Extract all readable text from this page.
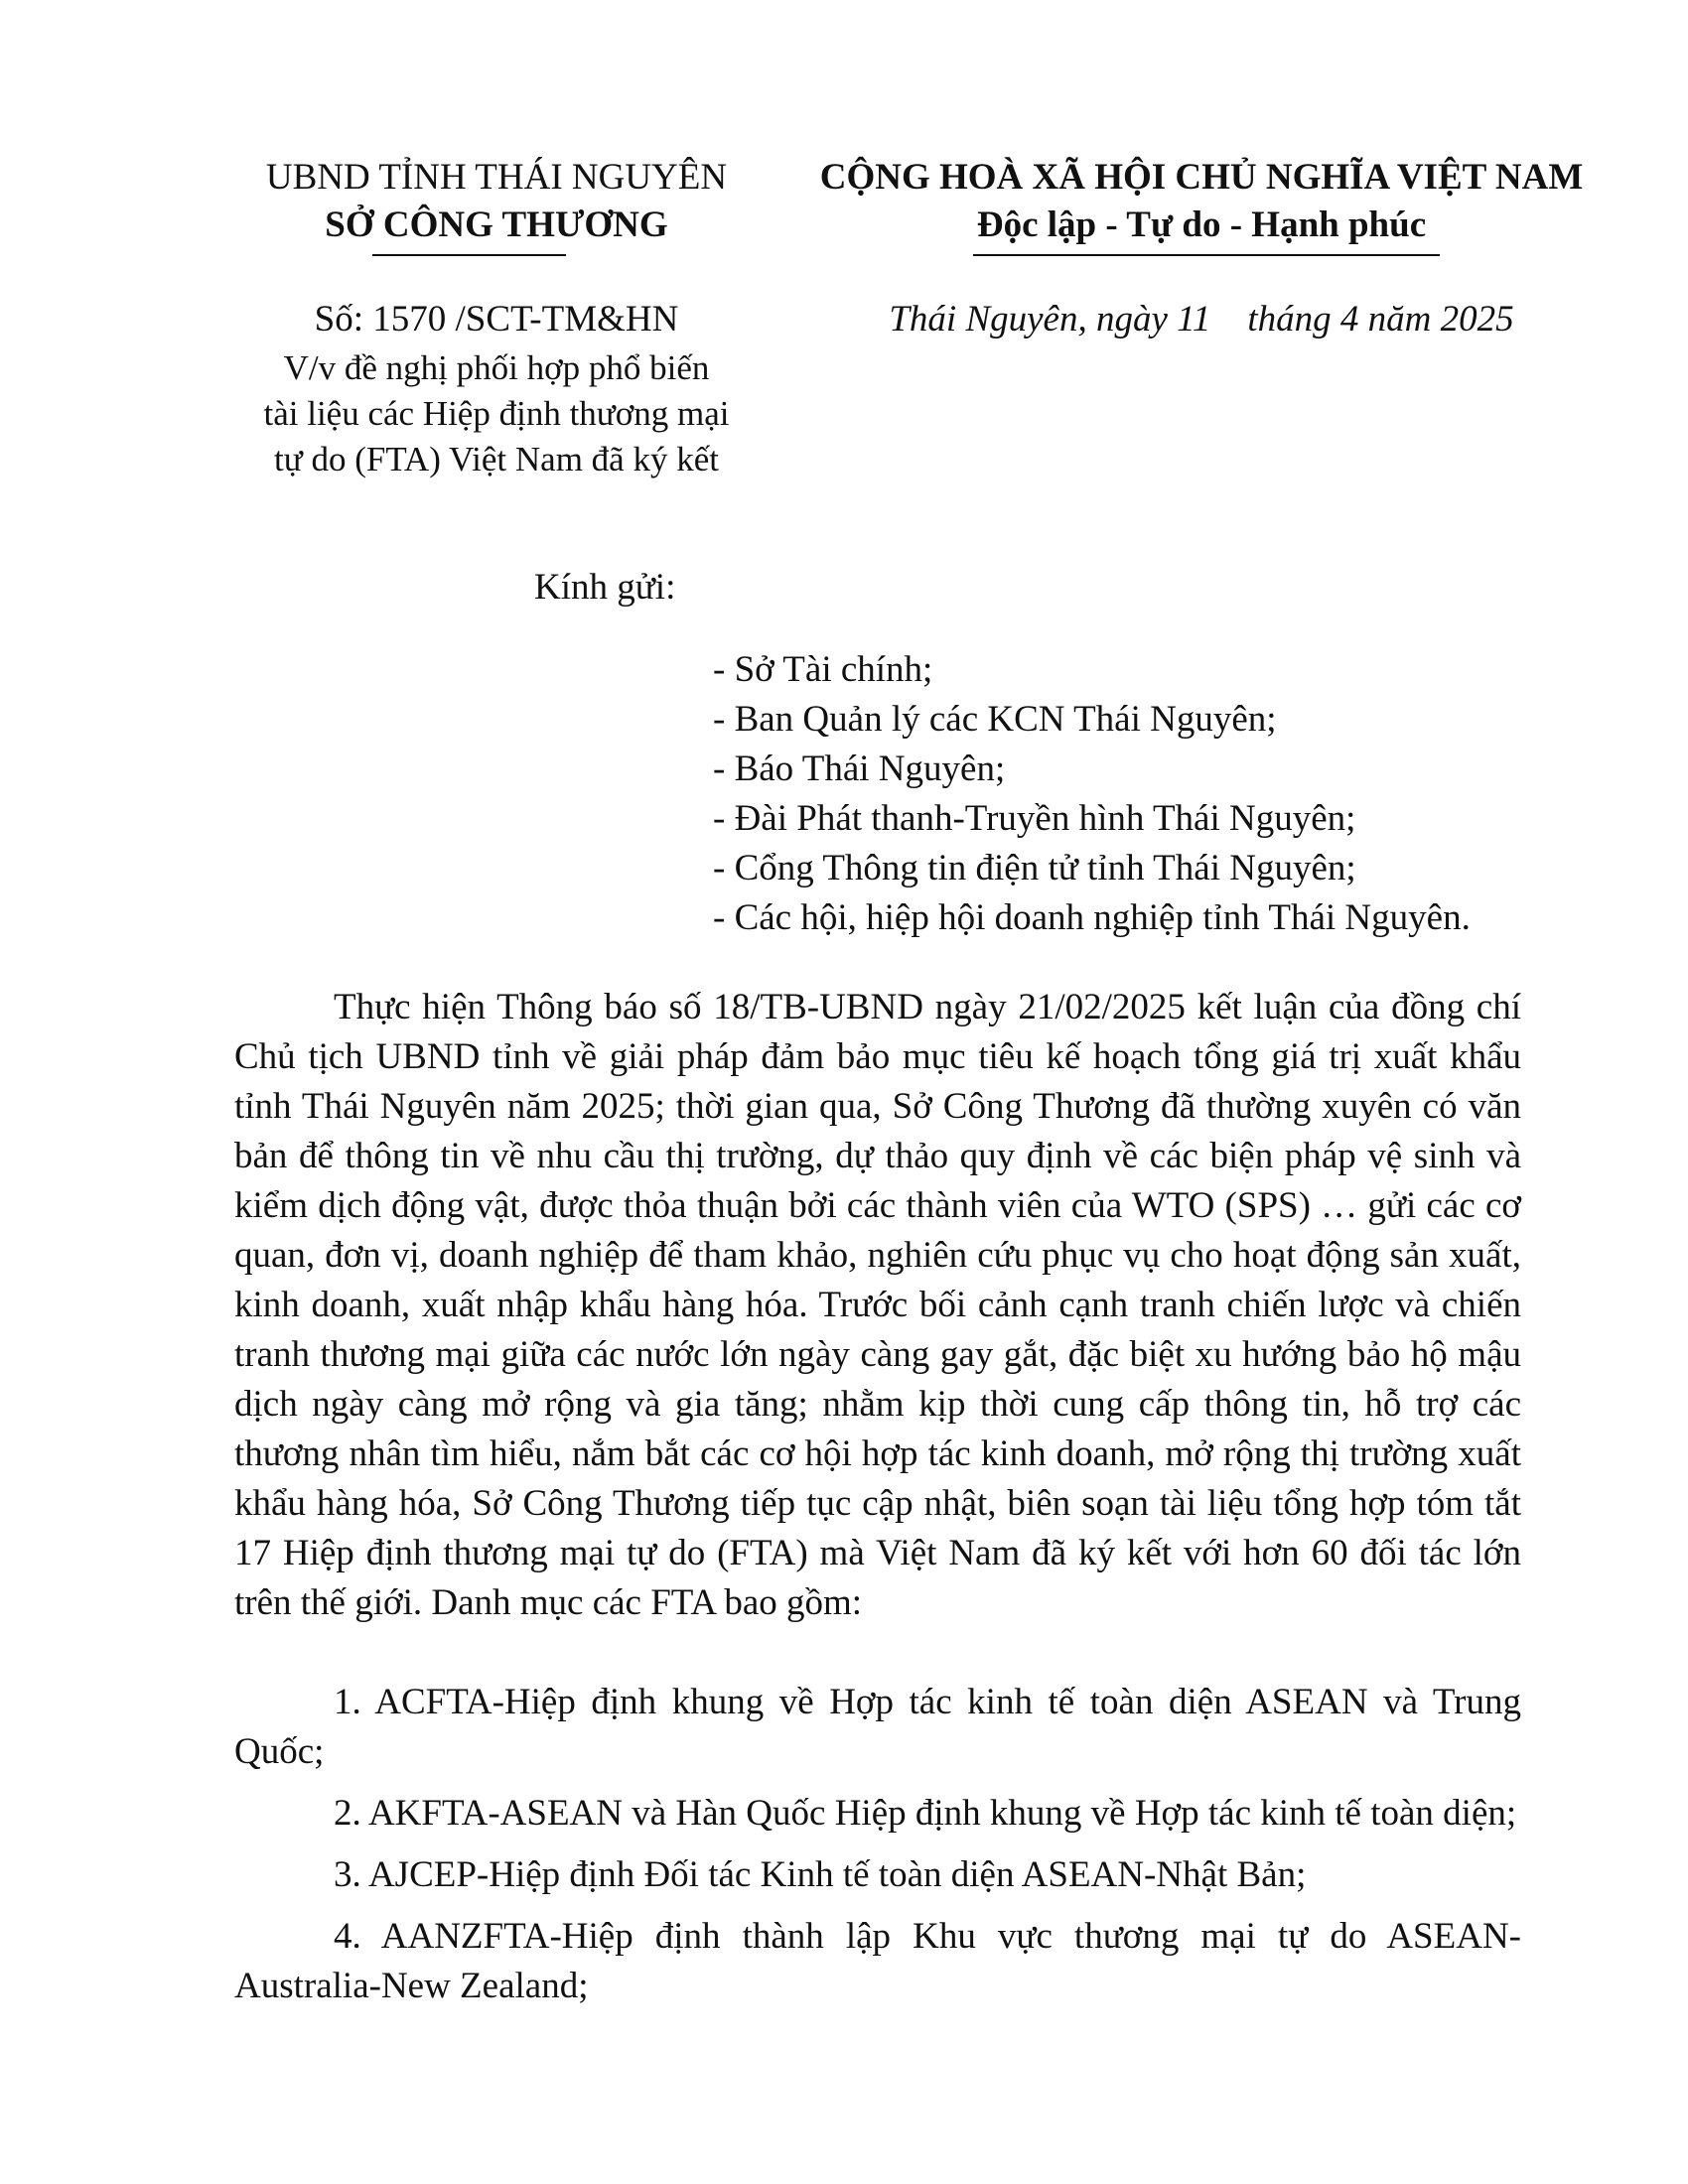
UBND TỈNH THÁI NGUYÊN
SỞ CÔNG THƯƠNG
CỘNG HOÀ XÃ HỘI CHỦ NGHĨA VIỆT NAM
Độc lập - Tự do - Hạnh phúc
Số: 1570 /SCT-TM&HN
V/v đề nghị phối hợp phổ biến
tài liệu các Hiệp định thương mại
tự do (FTA) Việt Nam đã ký kết
Thái Nguyên, ngày 11    tháng 4 năm 2025
Kính gửi:
- Sở Tài chính;
- Ban Quản lý các KCN Thái Nguyên;
- Báo Thái Nguyên;
- Đài Phát thanh-Truyền hình Thái Nguyên;
- Cổng Thông tin điện tử tỉnh Thái Nguyên;
- Các hội, hiệp hội doanh nghiệp tỉnh Thái Nguyên.

Thực hiện Thông báo số 18/TB-UBND ngày 21/02/2025 kết luận của đồng chí Chủ tịch UBND tỉnh về giải pháp đảm bảo mục tiêu kế hoạch tổng giá trị xuất khẩu tỉnh Thái Nguyên năm 2025; thời gian qua, Sở Công Thương đã thường xuyên có văn bản để thông tin về nhu cầu thị trường, dự thảo quy định về các biện pháp vệ sinh và kiểm dịch động vật, được thỏa thuận bởi các thành viên của WTO (SPS) … gửi các cơ quan, đơn vị, doanh nghiệp để tham khảo, nghiên cứu phục vụ cho hoạt động sản xuất, kinh doanh, xuất nhập khẩu hàng hóa. Trước bối cảnh cạnh tranh chiến lược và chiến tranh thương mại giữa các nước lớn ngày càng gay gắt, đặc biệt xu hướng bảo hộ mậu dịch ngày càng mở rộng và gia tăng; nhằm kịp thời cung cấp thông tin, hỗ trợ các thương nhân tìm hiểu, nắm bắt các cơ hội hợp tác kinh doanh, mở rộng thị trường xuất khẩu hàng hóa, Sở Công Thương tiếp tục cập nhật, biên soạn tài liệu tổng hợp tóm tắt 17 Hiệp định thương mại tự do (FTA) mà Việt Nam đã ký kết với hơn 60 đối tác lớn trên thế giới. Danh mục các FTA bao gồm:

1. ACFTA-Hiệp định khung về Hợp tác kinh tế toàn diện ASEAN và Trung Quốc;
2. AKFTA-ASEAN và Hàn Quốc Hiệp định khung về Hợp tác kinh tế toàn diện;
3. AJCEP-Hiệp định Đối tác Kinh tế toàn diện ASEAN-Nhật Bản;
4. AANZFTA-Hiệp định thành lập Khu vực thương mại tự do ASEAN-Australia-New Zealand;
